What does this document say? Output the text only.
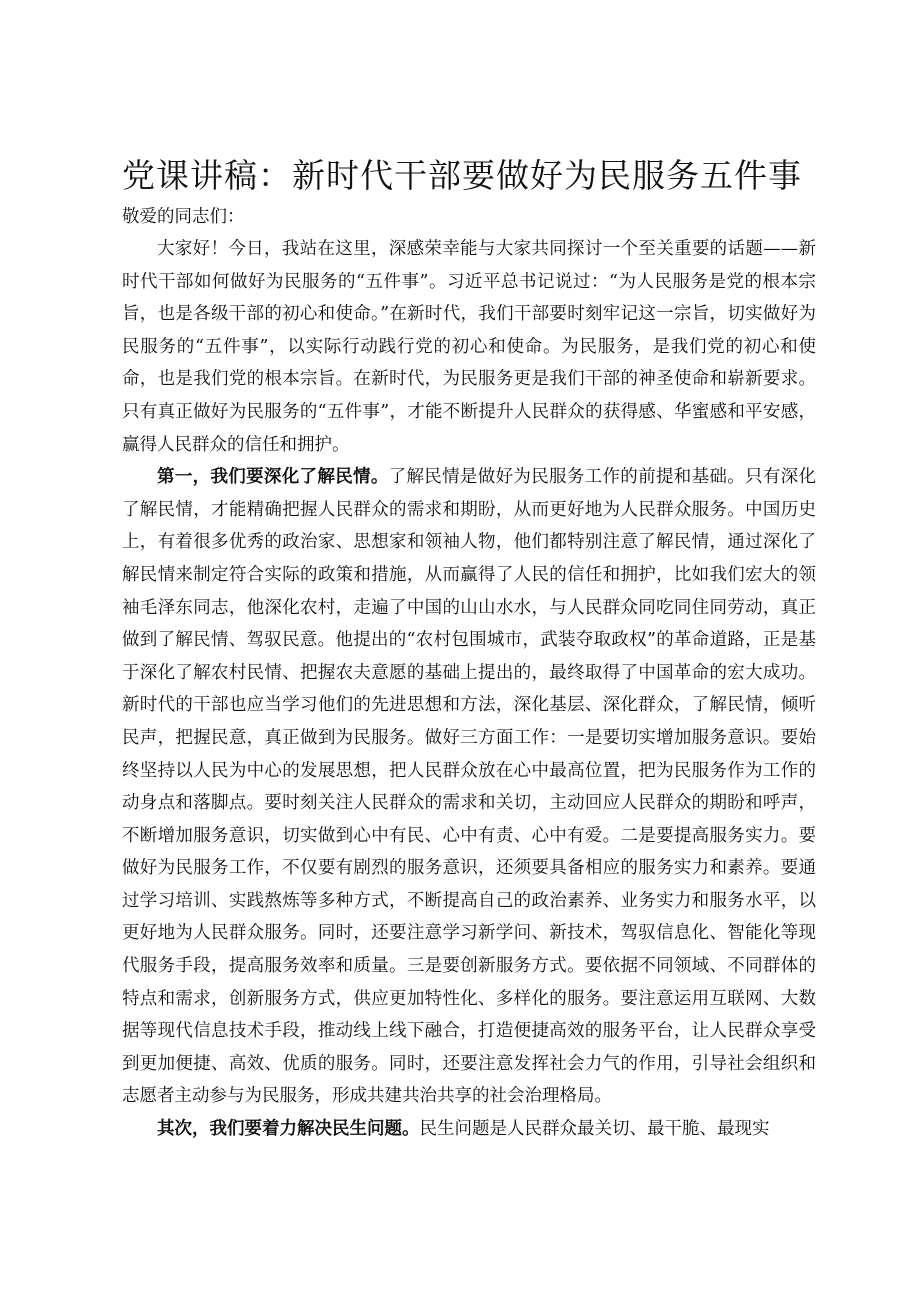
党课讲稿：新时代干部要做好为民服务五件事

敬爱的同志们：

大家好！今日，我站在这里，深感荣幸能与大家共同探讨一个至关重要的话题——新时代干部如何做好为民服务的“五件事”。习近平总书记说过：“为人民服务是党的根本宗旨，也是各级干部的初心和使命。”在新时代，我们干部要时刻牢记这一宗旨，切实做好为民服务的“五件事”，以实际行动践行党的初心和使命。为民服务，是我们党的初心和使命，也是我们党的根本宗旨。在新时代，为民服务更是我们干部的神圣使命和崭新要求。只有真正做好为民服务的“五件事”，才能不断提升人民群众的获得感、华蜜感和平安感，赢得人民群众的信任和拥护。

第一，我们要深化了解民情。了解民情是做好为民服务工作的前提和基础。只有深化了解民情，才能精确把握人民群众的需求和期盼，从而更好地为人民群众服务。中国历史上，有着很多优秀的政治家、思想家和领袖人物，他们都特别注意了解民情，通过深化了解民情来制定符合实际的政策和措施，从而赢得了人民的信任和拥护，比如我们宏大的领袖毛泽东同志，他深化农村，走遍了中国的山山水水，与人民群众同吃同住同劳动，真正做到了解民情、驾驭民意。他提出的“农村包围城市，武装夺取政权”的革命道路，正是基于深化了解农村民情、把握农夫意愿的基础上提出的，最终取得了中国革命的宏大成功。新时代的干部也应当学习他们的先进思想和方法，深化基层、深化群众，了解民情，倾听民声，把握民意，真正做到为民服务。做好三方面工作：一是要切实增加服务意识。要始终坚持以人民为中心的发展思想，把人民群众放在心中最高位置，把为民服务作为工作的动身点和落脚点。要时刻关注人民群众的需求和关切，主动回应人民群众的期盼和呼声，不断增加服务意识，切实做到心中有民、心中有责、心中有爱。二是要提高服务实力。要做好为民服务工作，不仅要有剧烈的服务意识，还须要具备相应的服务实力和素养。要通过学习培训、实践熬炼等多种方式，不断提高自己的政治素养、业务实力和服务水平，以更好地为人民群众服务。同时，还要注意学习新学问、新技术，驾驭信息化、智能化等现代服务手段，提高服务效率和质量。三是要创新服务方式。要依据不同领域、不同群体的特点和需求，创新服务方式，供应更加特性化、多样化的服务。要注意运用互联网、大数据等现代信息技术手段，推动线上线下融合，打造便捷高效的服务平台，让人民群众享受到更加便捷、高效、优质的服务。同时，还要注意发挥社会力气的作用，引导社会组织和志愿者主动参与为民服务，形成共建共治共享的社会治理格局。

其次，我们要着力解决民生问题。民生问题是人民群众最关切、最干脆、最现实
